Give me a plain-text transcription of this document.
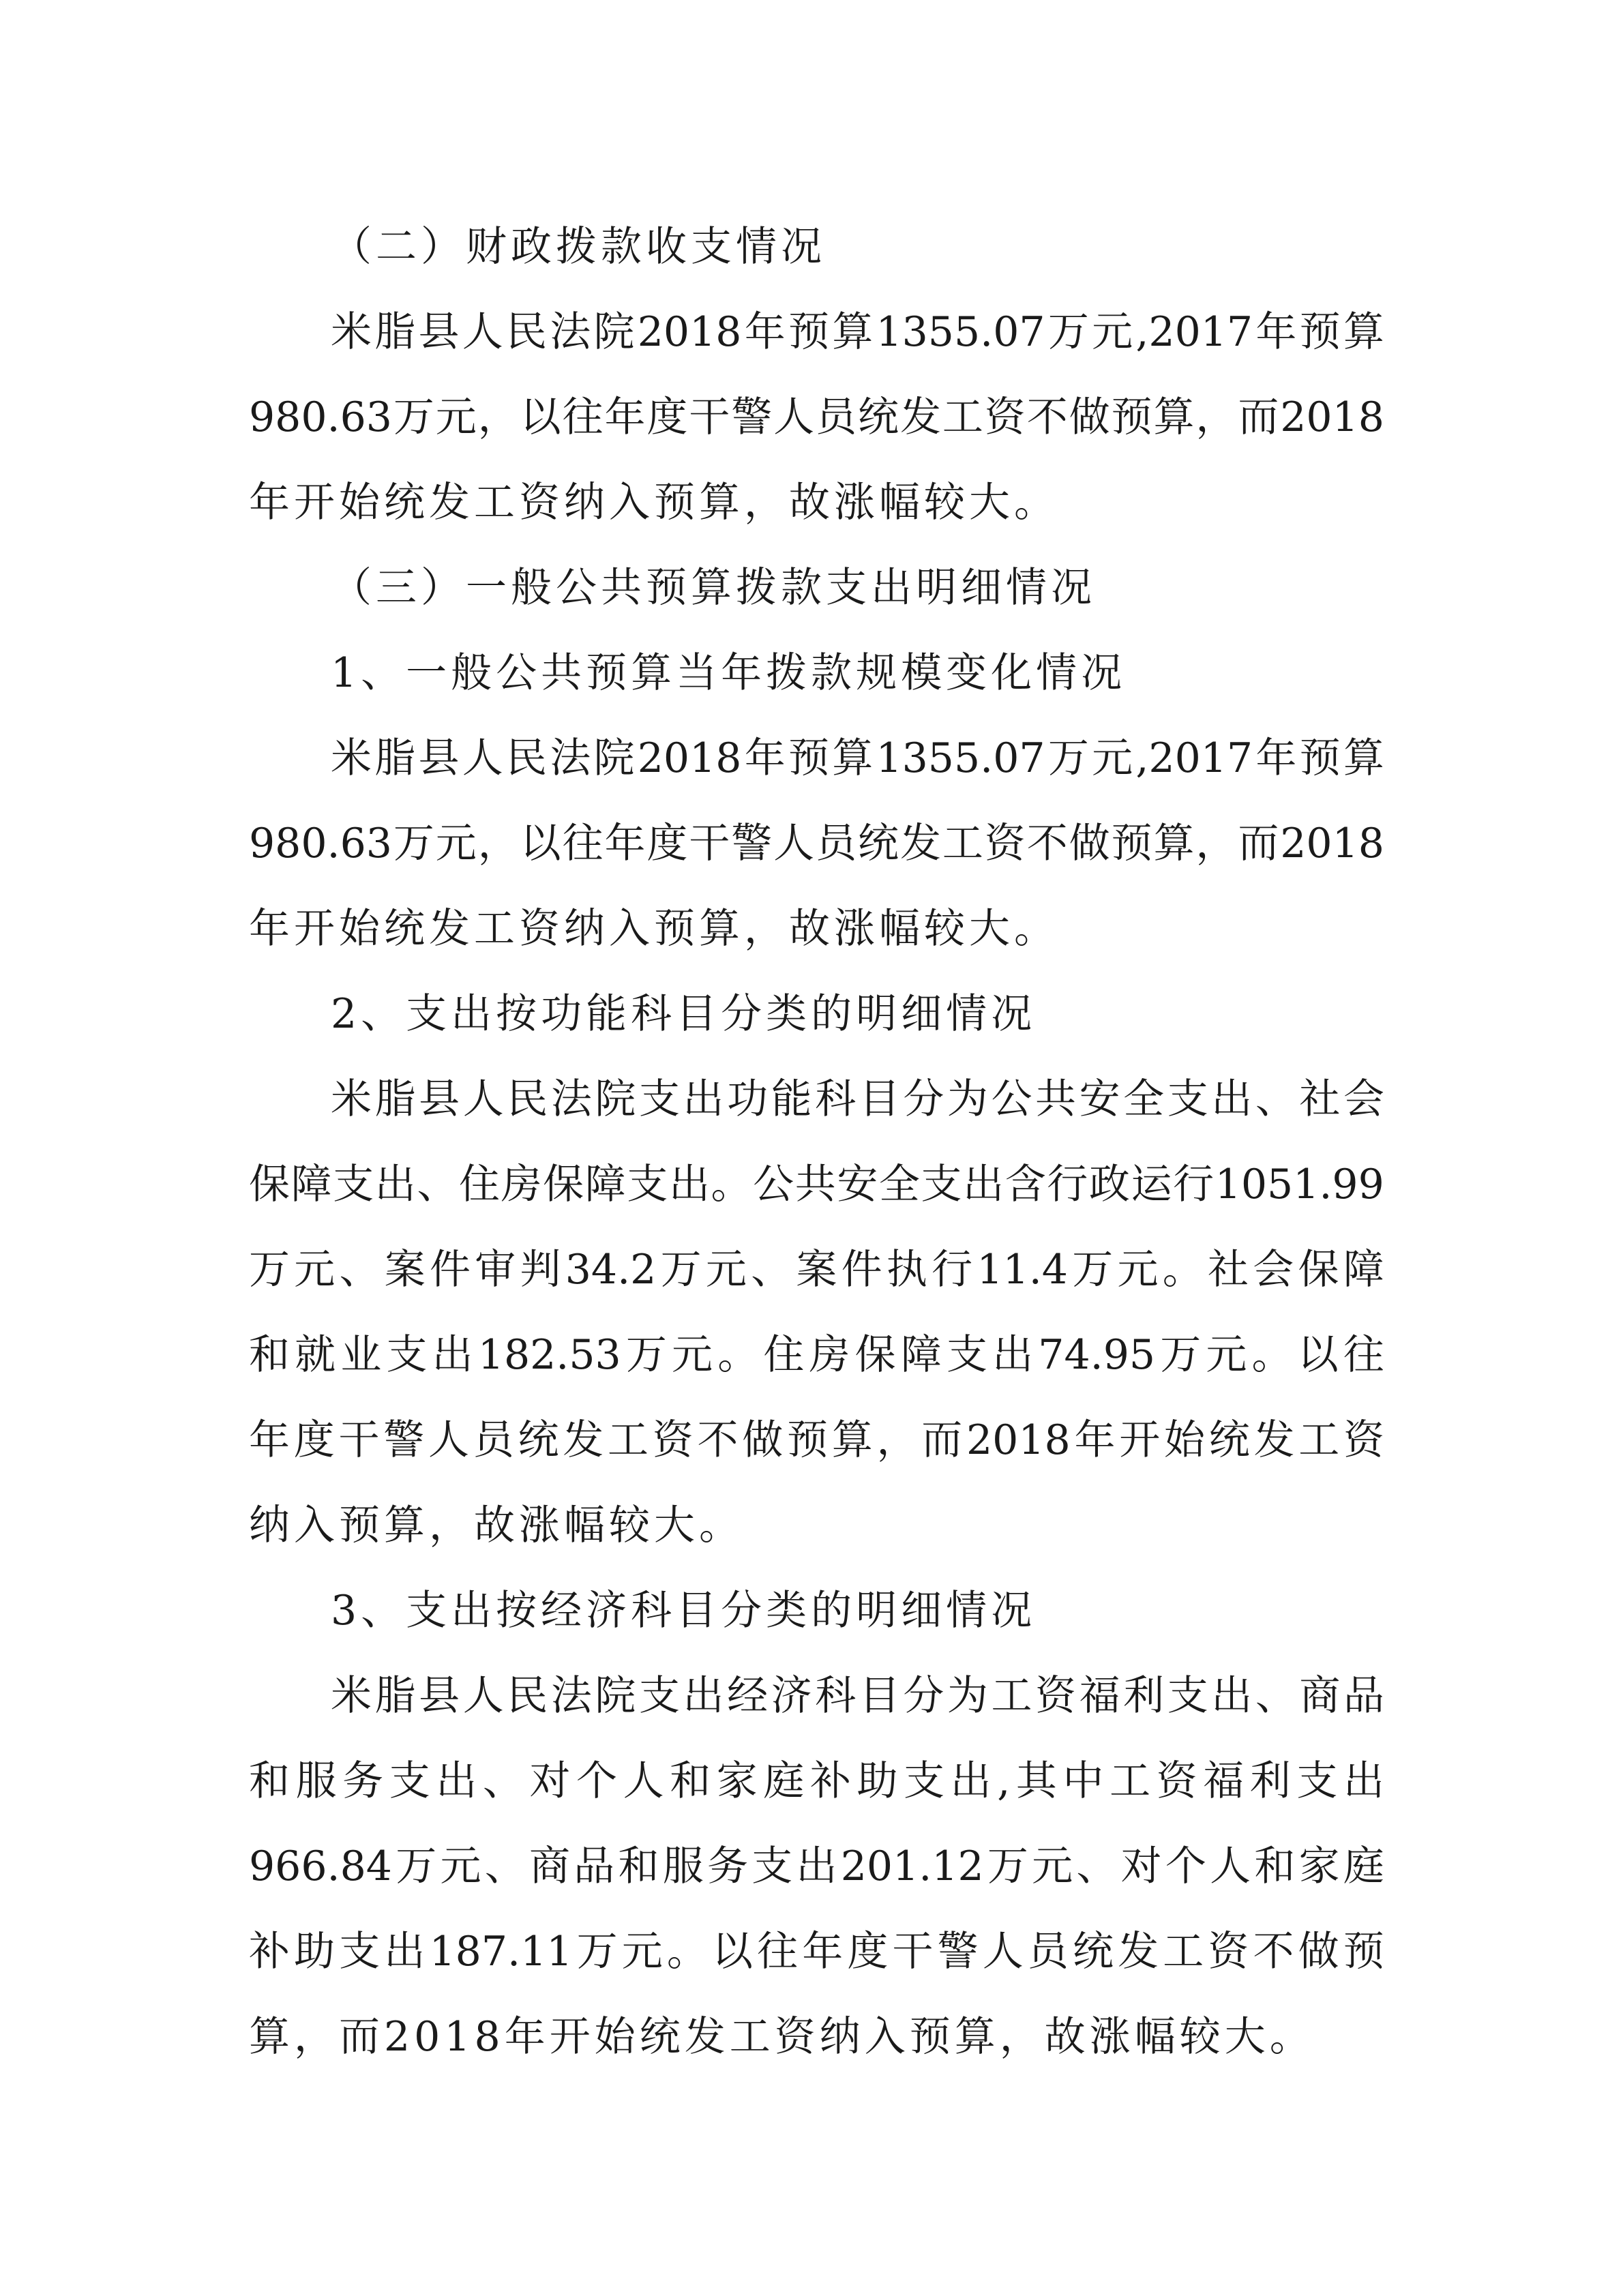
（二）财政拨款收支情况
米 脂 县 人 民 法 院 2018 年 预 算 1355.07 万 元 ,2017 年 预 算
980.63 万 元 ， 以 往 年 度 干 警 人 员 统 发 工 资 不 做 预 算 ， 而 2018
年开始统发工资纳入预算，故涨幅较大。
（三）一般公共预算拨款支出明细情况
1、一般公共预算当年拨款规模变化情况
米 脂 县 人 民 法 院 2018 年 预 算 1355.07 万 元 ,2017 年 预 算
980.63 万 元 ， 以 往 年 度 干 警 人 员 统 发 工 资 不 做 预 算 ， 而 2018
年开始统发工资纳入预算，故涨幅较大。
2、支出按功能科目分类的明细情况
米 脂 县 人 民 法 院 支 出 功 能 科 目 分 为 公 共 安 全 支 出 、 社 会
保 障 支 出 、 住 房 保 障 支 出 。 公 共 安 全 支 出 含 行 政 运 行 1051.99
万 元 、 案 件 审 判 34.2 万 元 、 案 件 执 行 11.4 万 元 。 社 会 保 障
和 就 业 支 出 182.53 万 元 。 住 房 保 障 支 出 74.95 万 元 。 以 往
年 度 干 警 人 员 统 发 工 资 不 做 预 算 ， 而 2018 年 开 始 统 发 工 资
纳入预算，故涨幅较大。
3、支出按经济科目分类的明细情况
米 脂 县 人 民 法 院 支 出 经 济 科 目 分 为 工 资 福 利 支 出 、 商 品
和 服 务 支 出 、 对 个 人 和 家 庭 补 助 支 出 , 其 中 工 资 福 利 支 出
966.84 万 元 、 商 品 和 服 务 支 出 201.12 万 元 、 对 个 人 和 家 庭
补 助 支 出 187.11 万 元 。 以 往 年 度 干 警 人 员 统 发 工 资 不 做 预
算，而2018年开始统发工资纳入预算，故涨幅较大。
